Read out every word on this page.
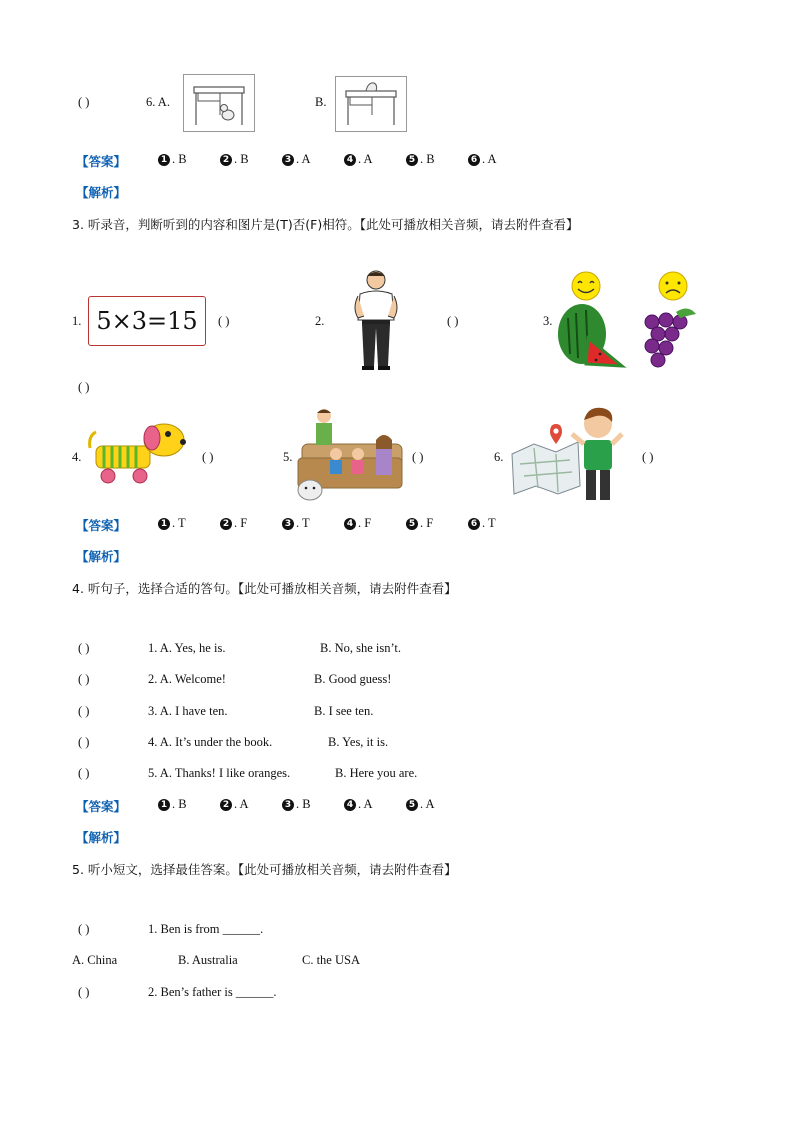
( )	6. A.	B.
【答案】	1 . B	2 . B	3 . A	4 . A	5 . B	6 . A
【解析】
3. 听录音，判断听到的内容和图片是(T)否(F)相符。【此处可播放相关音频，请去附件查看】
1. 5×3=15 ( )	2.	( )	3.
( )
4.	( )	5.	( )	6.	( )
【答案】	1 . T	2 . F	3 . T	4 . F	5 . F	6 . T
【解析】
4. 听句子，选择合适的答句。【此处可播放相关音频，请去附件查看】
( )	1. A. Yes, he is.	B. No, she isn’t.
( )	2. A. Welcome!	B. Good guess!
( )	3. A. I have ten.	B. I see ten.
( )	4. A. It’s under the book.	B. Yes, it is.
( )	5. A. Thanks! I like oranges.	B. Here you are.
【答案】	1 . B	2 . A	3 . B	4 . A	5 . A
【解析】
5. 听小短文，选择最佳答案。【此处可播放相关音频，请去附件查看】
( )	1. Ben is from ______.
A. China	B. Australia	C. the USA
( )	2. Ben’s father is ______.
